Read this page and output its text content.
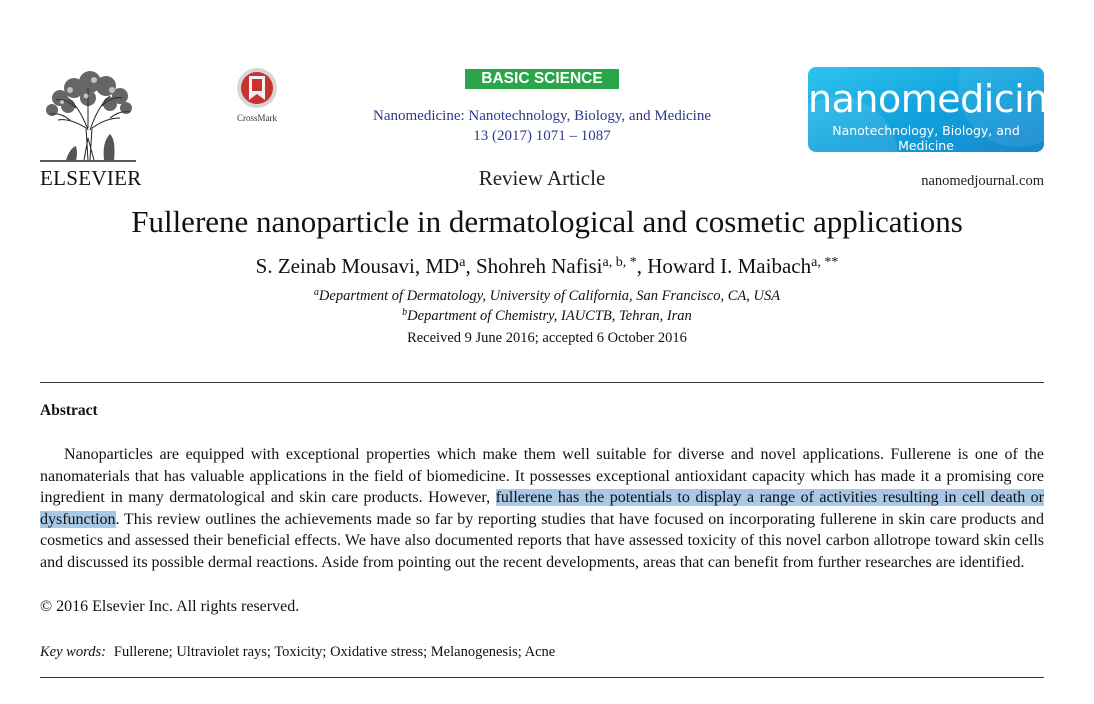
ELSEVIER
CrossMark
BASIC SCIENCE
Nanomedicine: Nanotechnology, Biology, and Medicine
13 (2017) 1071 – 1087
Review Article
nanomedicine
Nanotechnology, Biology, and Medicine
nanomedjournal.com
Fullerene nanoparticle in dermatological and cosmetic applications
S. Zeinab Mousavi, $MD^a$, Shohreh Nafisi$^{a, b, *}$, Howard I. Maibach$^{a, **}$
$^a$Department of Dermatology, University of California, San Francisco, CA, USA
$^b$Department of Chemistry, IAUCTB, Tehran, Iran
Received 9 June 2016; accepted 6 October 2016
Abstract

Nanoparticles are equipped with exceptional properties which make them well suitable for diverse and novel applications. Fullerene is one of the nanomaterials that has valuable applications in the field of biomedicine. It possesses exceptional antioxidant capacity which has made it a promising core ingredient in many dermatological and skin care products. However, fullerene has the potentials to display a range of activities resulting in cell death or dysfunction. This review outlines the achievements made so far by reporting studies that have focused on incorporating fullerene in skin care products and cosmetics and assessed their beneficial effects. We have also documented reports that have assessed toxicity of this novel carbon allotrope toward skin cells and discussed its possible dermal reactions. Aside from pointing out the recent developments, areas that can benefit from further researches are identified.

© 2016 Elsevier Inc. All rights reserved.
Key words: Fullerene; Ultraviolet rays; Toxicity; Oxidative stress; Melanogenesis; Acne
